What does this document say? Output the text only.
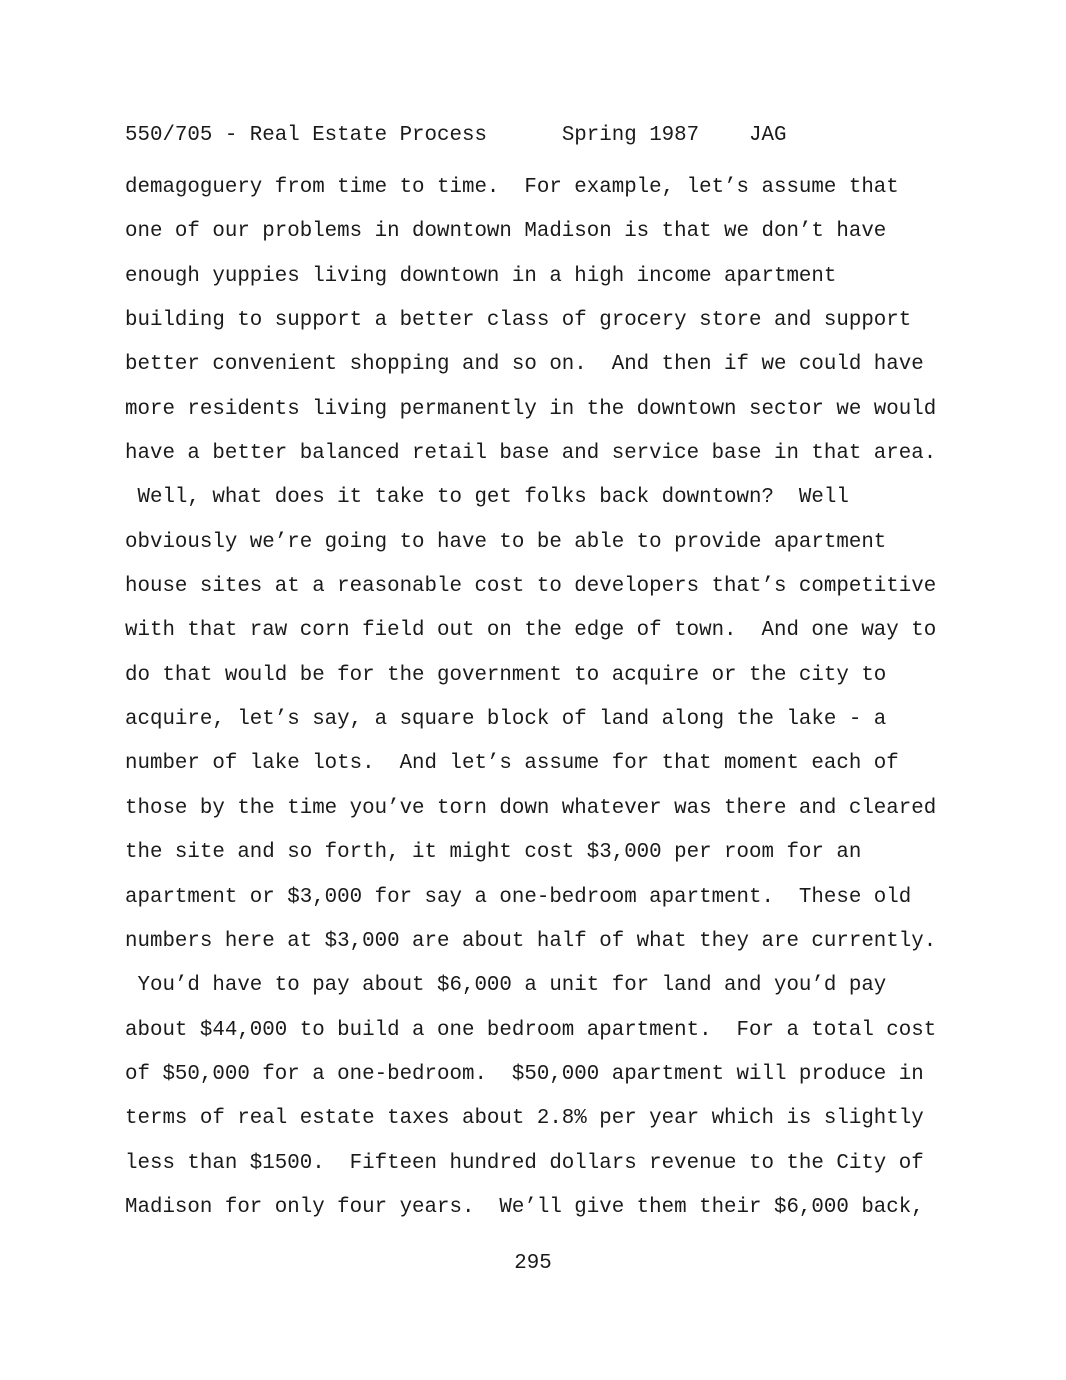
550/705 - Real Estate Process	Spring 1987 JAG
demagoguery from time to time.  For example, let’s assume that
one of our problems in downtown Madison is that we don’t have
enough yuppies living downtown in a high income apartment
building to support a better class of grocery store and support
better convenient shopping and so on.  And then if we could have
more residents living permanently in the downtown sector we would
have a better balanced retail base and service base in that area.
Well, what does it take to get folks back downtown?  Well
obviously we’re going to have to be able to provide apartment
house sites at a reasonable cost to developers that’s competitive
with that raw corn field out on the edge of town.  And one way to
do that would be for the government to acquire or the city to
acquire, let’s say, a square block of land along the lake - a
number of lake lots.  And let’s assume for that moment each of
those by the time you’ve torn down whatever was there and cleared
the site and so forth, it might cost $3,000 per room for an
apartment or $3,000 for say a one-bedroom apartment.  These old
numbers here at $3,000 are about half of what they are currently.
You’d have to pay about $6,000 a unit for land and you’d pay
about $44,000 to build a one bedroom apartment.  For a total cost
of $50,000 for a one-bedroom.  $50,000 apartment will produce in
terms of real estate taxes about 2.8% per year which is slightly
less than $1500.  Fifteen hundred dollars revenue to the City of
Madison for only four years.  We’ll give them their $6,000 back,
295
